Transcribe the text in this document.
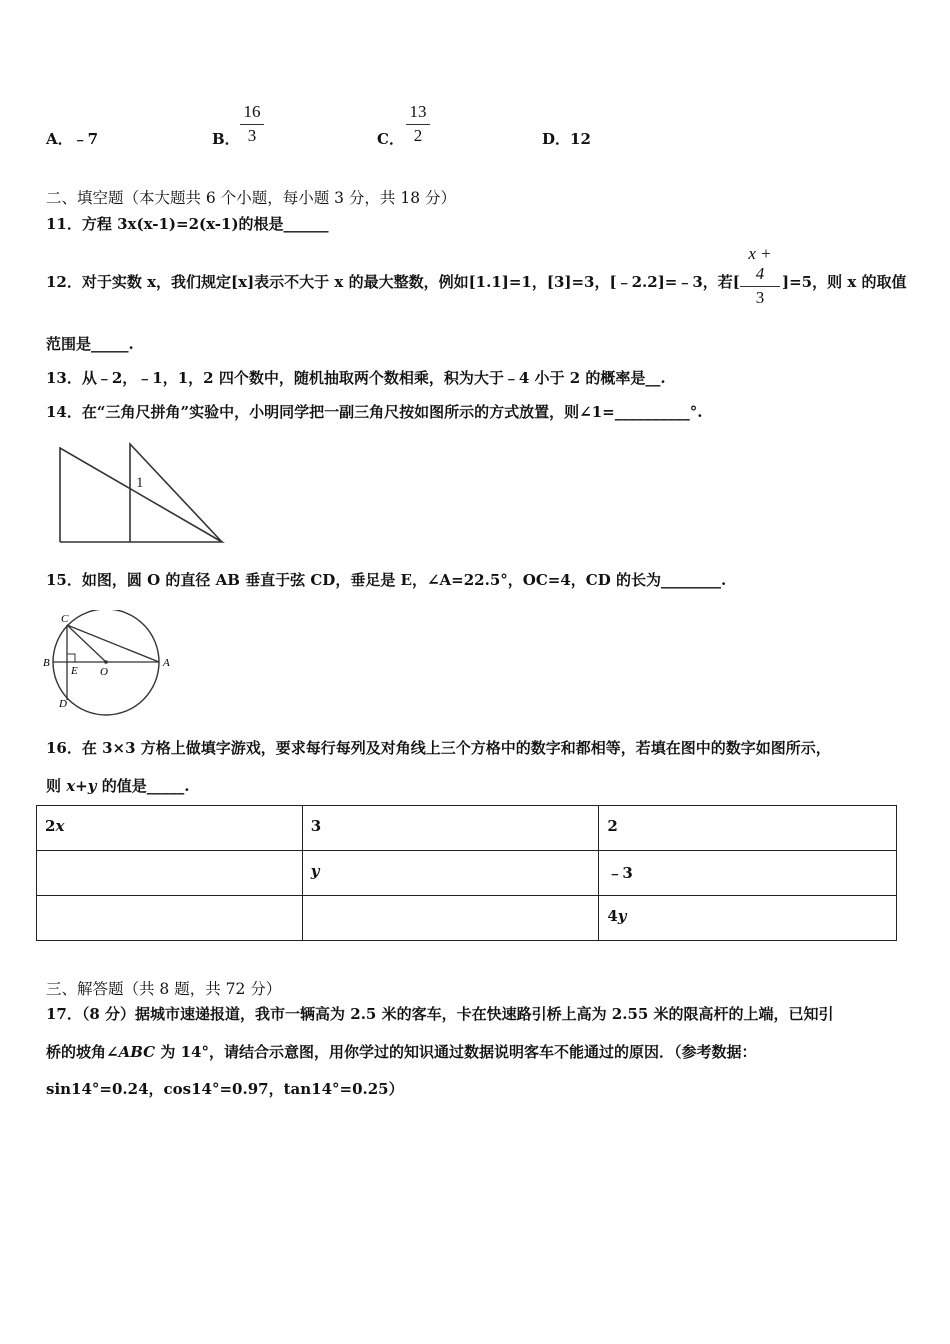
A．﹣7	B． $\frac{16}{3}$	C． $\frac{13}{2}$	D．12
二、填空题（本大题共 6 个小题，每小题 3 分，共 18 分）
11．方程 3x(x-1)=2(x-1)的根是______
12．对于实数 x，我们规定[x]表示不大于 x 的最大整数，例如[1.1]=1，[3]=3，[﹣2.2]=﹣3，若[ $\frac{x + 4}{3} ]=5$，则 x 的取值
范围是_____.
13．从﹣2，﹣1，1，2 四个数中，随机抽取两个数相乘，积为大于﹣4 小于 2 的概率是__.
14．在“三角尺拼角”实验中，小明同学把一副三角尺按如图所示的方式放置，则∠1=__________°.
1
15．如图，圆 O 的直径 AB 垂直于弦 CD，垂足是 E，∠A=22.5°，OC=4，CD 的长为________.
C
B
E O
A
D
16．在 3×3 方格上做填字游戏，要求每行每列及对角线上三个方格中的数字和都相等，若填在图中的数字如图所示，
则 x+y 的值是_____.
2x	3	2
	y	﹣3
		4y
三、解答题（共 8 题，共 72 分）
17．（8 分）据城市速递报道，我市一辆高为 2.5 米的客车，卡在快速路引桥上高为 2.55 米的限高杆的上端，已知引
桥的坡角∠ABC 为 14°，请结合示意图，用你学过的知识通过数据说明客车不能通过的原因．（参考数据：
sin14°=0.24，cos14°=0.97，tan14°=0.25）
